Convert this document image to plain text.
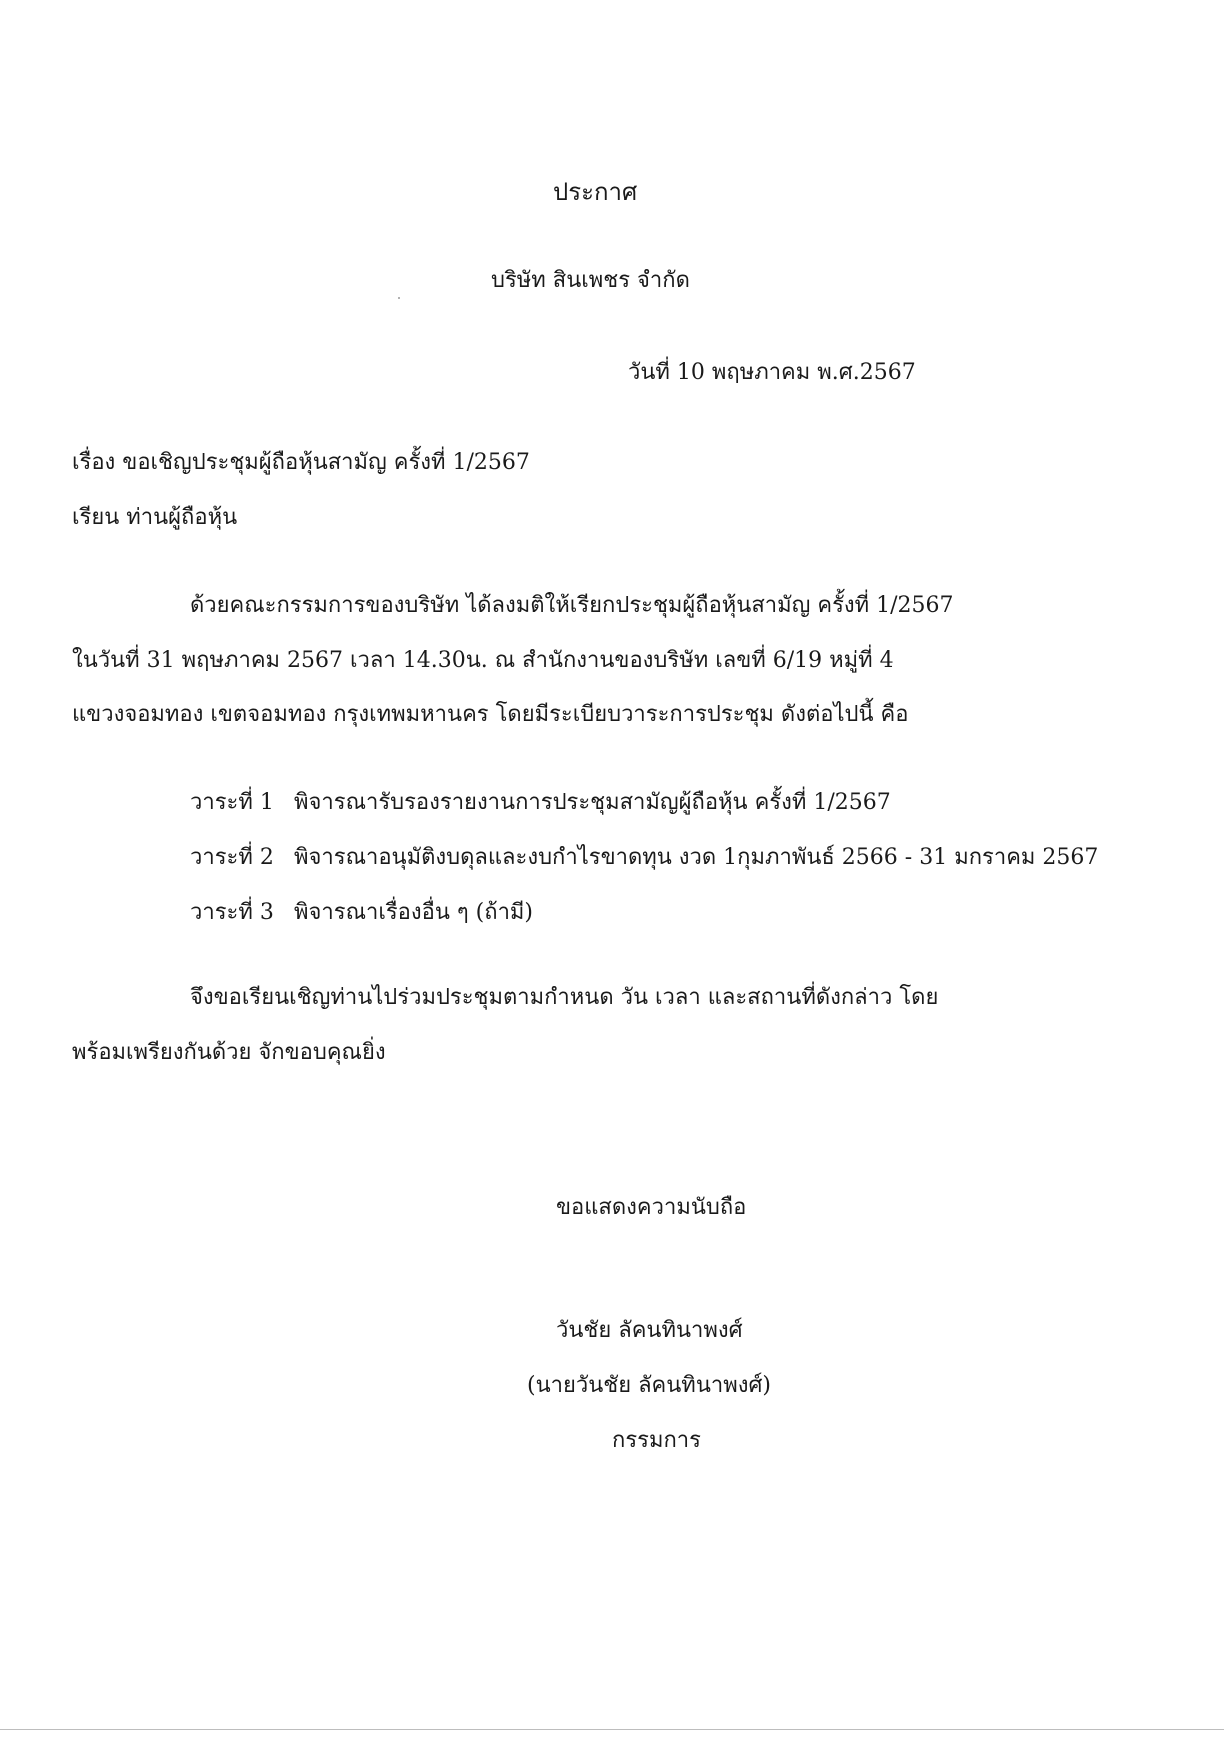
ประกาศ
บริษัท สินเพชร จำกัด
วันที่ 10 พฤษภาคม พ.ศ.2567
เรื่อง ขอเชิญประชุมผู้ถือหุ้นสามัญ ครั้งที่ 1/2567
เรียน ท่านผู้ถือหุ้น
ด้วยคณะกรรมการของบริษัท ได้ลงมติให้เรียกประชุมผู้ถือหุ้นสามัญ ครั้งที่ 1/2567
ในวันที่ 31 พฤษภาคม 2567 เวลา 14.30น. ณ สำนักงานของบริษัท เลขที่ 6/19 หมู่ที่ 4
แขวงจอมทอง เขตจอมทอง กรุงเทพมหานคร โดยมีระเบียบวาระการประชุม ดังต่อไปนี้ คือ
วาระที่ 1 พิจารณารับรองรายงานการประชุมสามัญผู้ถือหุ้น ครั้งที่ 1/2567
วาระที่ 2 พิจารณาอนุมัติงบดุลและงบกำไรขาดทุน งวด 1กุมภาพันธ์ 2566 - 31 มกราคม 2567
วาระที่ 3 พิจารณาเรื่องอื่น ๆ (ถ้ามี)
จึงขอเรียนเชิญท่านไปร่วมประชุมตามกำหนด วัน เวลา และสถานที่ดังกล่าว โดย
พร้อมเพรียงกันด้วย จักขอบคุณยิ่ง
ขอแสดงความนับถือ
วันชัย ลัคนทินาพงศ์
(นายวันชัย ลัคนทินาพงศ์)
กรรมการ
